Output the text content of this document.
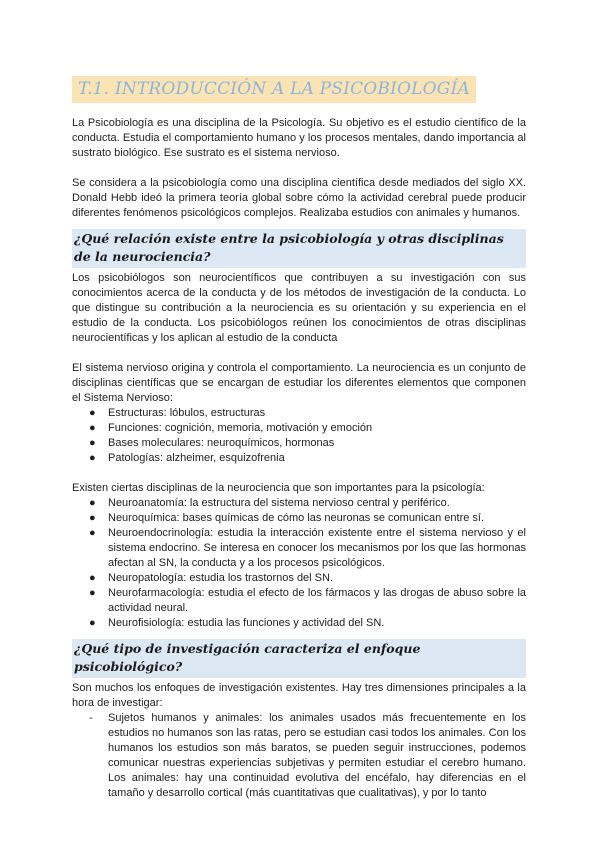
T.1. INTRODUCCIÓN A LA PSICOBIOLOGÍA

La Psicobiología es una disciplina de la Psicología. Su objetivo es el estudio científico de la conducta. Estudia el comportamiento humano y los procesos mentales, dando importancia al sustrato biológico. Ese sustrato es el sistema nervioso.

Se considera a la psicobiología como una disciplina científica desde mediados del siglo XX. Donald Hebb ideó la primera teoría global sobre cómo la actividad cerebral puede producir diferentes fenómenos psicológicos complejos. Realizaba estudios con animales y humanos.

¿Qué relación existe entre la psicobiología y otras disciplinas de la neurociencia?

Los psicobiólogos son neurocientíficos que contribuyen a su investigación con sus conocimientos acerca de la conducta y de los métodos de investigación de la conducta. Lo que distingue su contribución a la neurociencia es su orientación y su experiencia en el estudio de la conducta. Los psicobiólogos reúnen los conocimientos de otras disciplinas neurocientíficas y los aplican al estudio de la conducta

El sistema nervioso origina y controla el comportamiento. La neurociencia es un conjunto de disciplinas científicas que se encargan de estudiar los diferentes elementos que componen el Sistema Nervioso:

● Estructuras: lóbulos, estructuras
● Funciones: cognición, memoria, motivación y emoción
● Bases moleculares: neuroquímicos, hormonas
● Patologías: alzheimer, esquizofrenia

Existen ciertas disciplinas de la neurociencia que son importantes para la psicología:

● Neuroanatomía: la estructura del sistema nervioso central y periférico.
● Neuroquímica: bases químicas de cómo las neuronas se comunican entre sí.
● Neuroendocrinología: estudia la interacción existente entre el sistema nervioso y el sistema endocrino. Se interesa en conocer los mecanismos por los que las hormonas afectan al SN, la conducta y a los procesos psicológicos.
● Neuropatología: estudia los trastornos del SN.
● Neurofarmacología: estudia el efecto de los fármacos y las drogas de abuso sobre la actividad neural.
● Neurofisiología: estudia las funciones y actividad del SN.
¿Qué tipo de investigación caracteriza el enfoque psicobiológico?

Son muchos los enfoques de investigación existentes. Hay tres dimensiones principales a la hora de investigar:

- Sujetos humanos y animales: los animales usados más frecuentemente en los estudios no humanos son las ratas, pero se estudian casi todos los animales. Con los humanos los estudios son más baratos, se pueden seguir instrucciones, podemos comunicar nuestras experiencias subjetivas y permiten estudiar el cerebro humano. Los animales: hay una continuidad evolutiva del encéfalo, hay diferencias en el tamaño y desarrollo cortical (más cuantitativas que cualitativas), y por lo tanto
